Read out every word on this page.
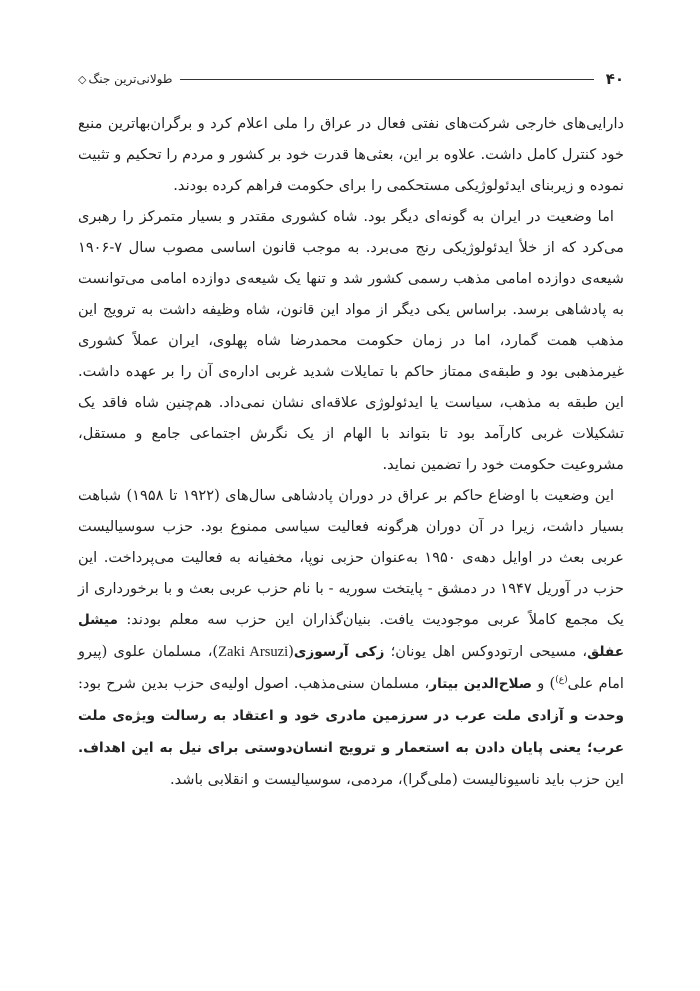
۴۰
طولانی‌ترین جنگ
◇

دارایی‌های خارجی شرکت‌های نفتی فعال در عراق را ملی اعلام کرد و برگران‌بهاترین منبع خود کنترل کامل داشت. علاوه بر این، بعثی‌ها قدرت خود بر کشور و مردم را تحکیم و تثبیت نموده و زیربنای ایدئولوژیکی مستحکمی را برای حکومت فراهم کرده بودند.

اما وضعیت در ایران به گونه‌ای دیگر بود. شاه کشوری مقتدر و بسیار متمرکز را رهبری می‌کرد که از خلأ ایدئولوژیکی رنج می‌برد. به موجب قانون اساسی مصوب سال ۷-۱۹۰۶ شیعه‌ی دوازده امامی مذهب رسمی کشور شد و تنها یک شیعه‌ی دوازده امامی می‌توانست به پادشاهی برسد. براساس یکی دیگر از مواد این قانون، شاه وظیفه داشت به ترویج این مذهب همت گمارد، اما در زمان حکومت محمدرضا شاه پهلوی، ایران عملاً کشوری غیرمذهبی بود و طبقه‌ی ممتاز حاکم با تمایلات شدید غربی اداره‌ی آن را بر عهده داشت. این طبقه به مذهب، سیاست یا ایدئولوژی علاقه‌ای نشان نمی‌داد. هم‌چنین شاه فاقد یک تشکیلات غربی کارآمد بود تا بتواند با الهام از یک نگرش اجتماعی جامع و مستقل، مشروعیت حکومت خود را تضمین نماید.

این وضعیت با اوضاع حاکم بر عراق در دوران پادشاهی سال‌های (۱۹۲۲ تا ۱۹۵۸) شباهت بسیار داشت، زیرا در آن دوران هرگونه فعالیت سیاسی ممنوع بود. حزب سوسیالیست عربی بعث در اوایل دهه‌ی ۱۹۵۰ به‌عنوان حزبی نوپا، مخفیانه به فعالیت می‌پرداخت. این حزب در آوریل ۱۹۴۷ در دمشق - پایتخت سوریه - با نام حزب عربی بعث و با برخورداری از یک مجمع کاملاً عربی موجودیت یافت. بنیان‌گذاران این حزب سه معلم بودند: میشل عفلق، مسیحی ارتودوکس اهل یونان؛ زکی آرسوزی(Zaki Arsuzi)، مسلمان علوی (پیرو امام علی$^{(ع)}$) و صلاح‌الدین بیتار، مسلمان سنی‌مذهب. اصول اولیه‌ی حزب بدین شرح بود: وحدت و آزادی ملت عرب در سرزمین مادری خود و اعتقاد به رسالت ویژه‌ی ملت عرب؛ یعنی پایان دادن به استعمار و ترویج انسان‌دوستی برای نیل به این اهداف. این حزب باید ناسیونالیست (ملی‌گرا)، مردمی، سوسیالیست و انقلابی باشد.
